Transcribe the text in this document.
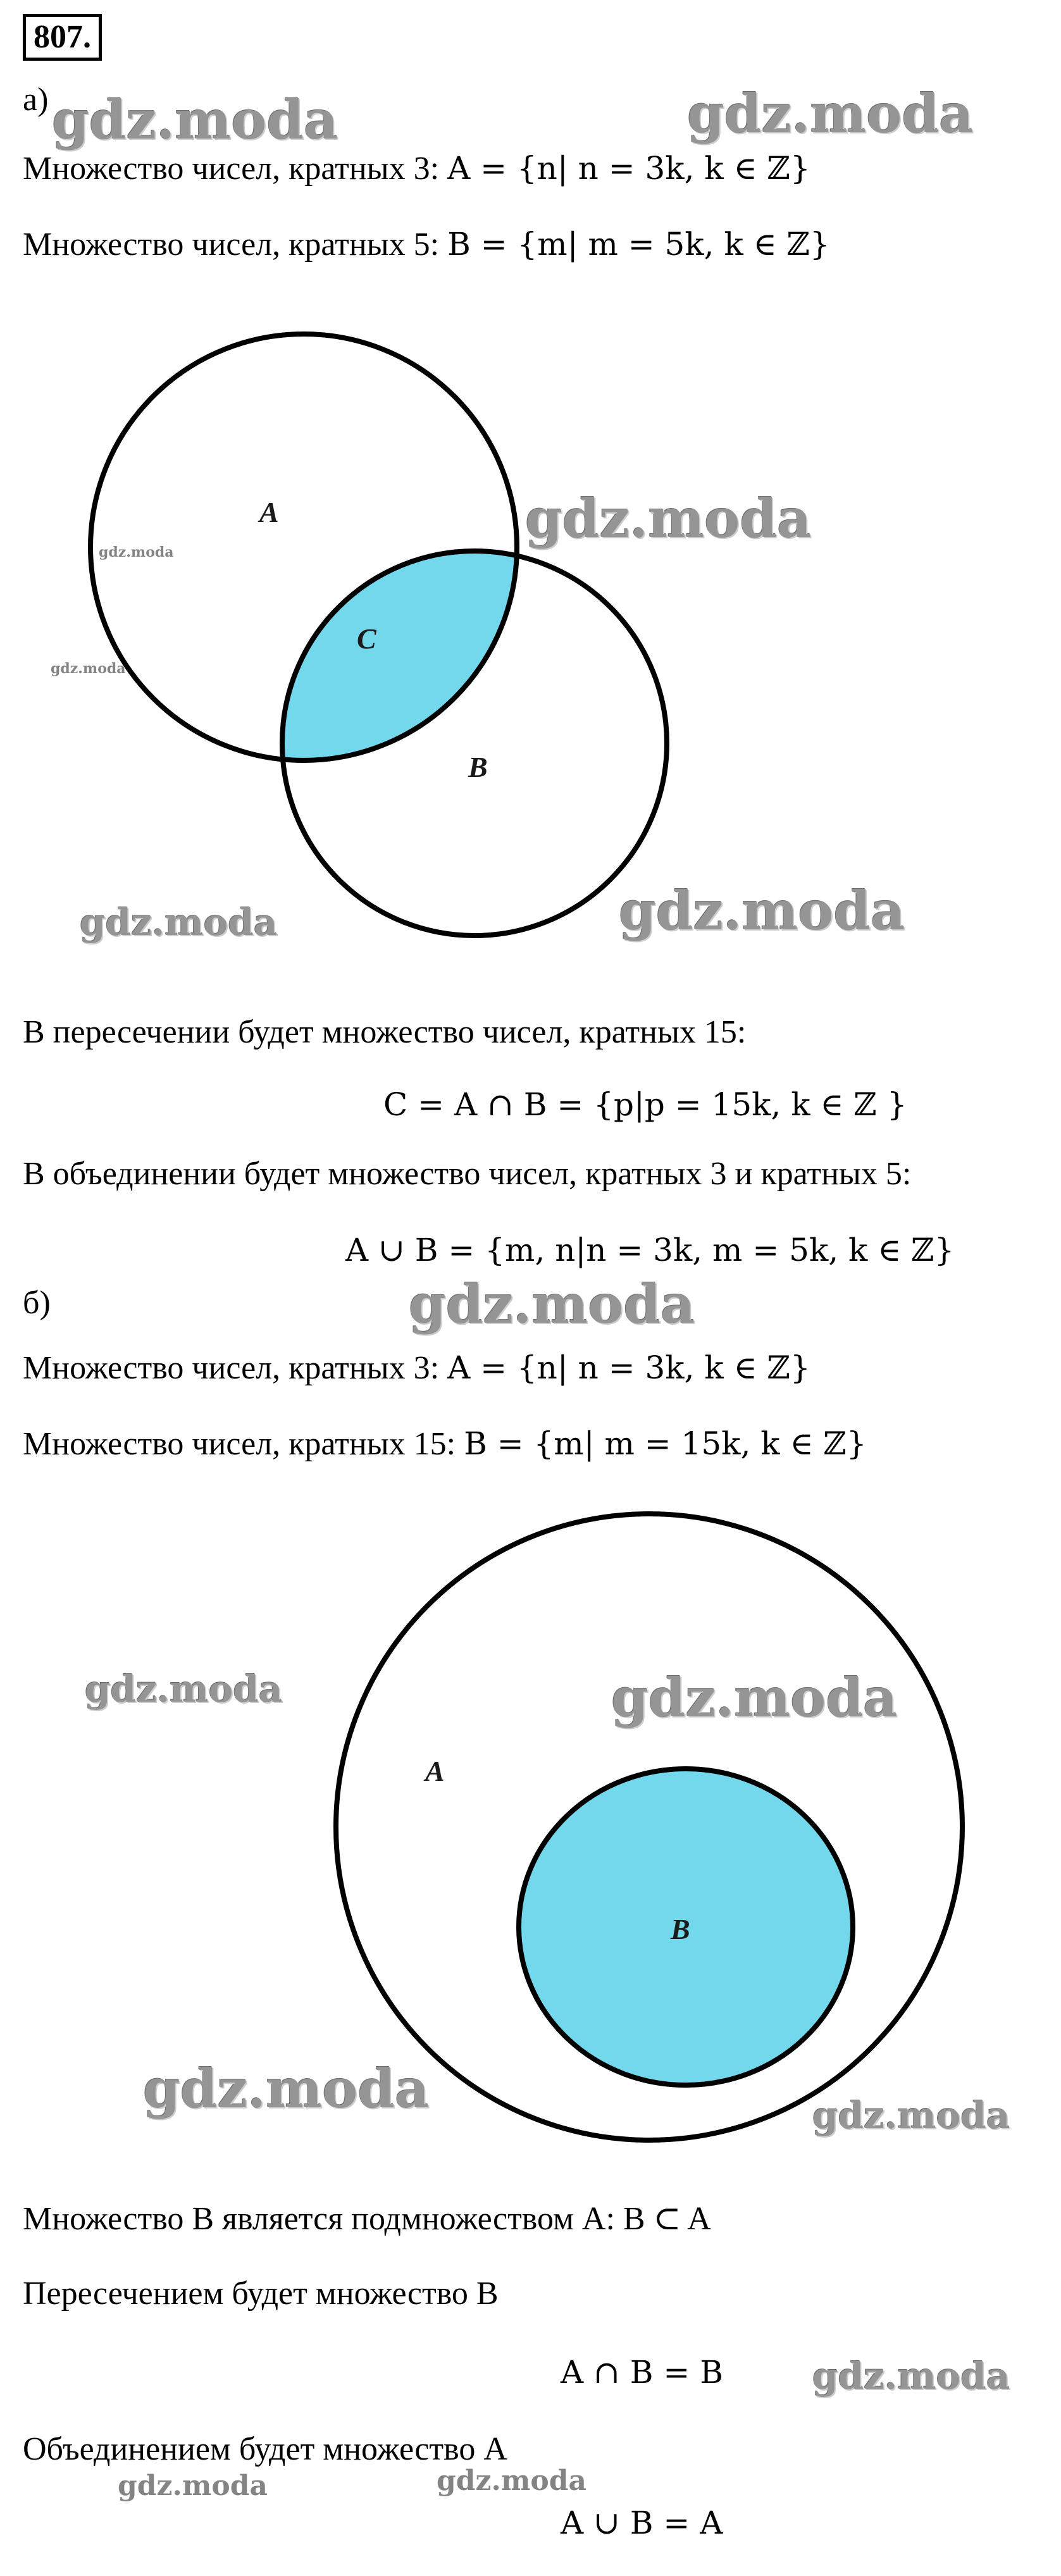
807.
а)
Множество чисел, кратных 3: A = {n| n = 3k, k ∈ ℤ}
Множество чисел, кратных 5: B = {m| m = 5k, k ∈ ℤ}
A
C
B
В пересечении будет множество чисел, кратных 15:
C = A ∩ B = {p|p = 15k, k ∈ ℤ }
В объединении будет множество чисел, кратных 3 и кратных 5:
A ∪ B = {m, n|n = 3k, m = 5k, k ∈ ℤ}
б)
Множество чисел, кратных 3: A = {n| n = 3k, k ∈ ℤ}
Множество чисел, кратных 15: B = {m| m = 15k, k ∈ ℤ}
A
B
Множество B является подмножеством A: B ⊂ A
Пересечением будет множество B
A ∩ B = B
Объединением будет множество A
A ∪ B = A
gdz.moda	gdz.moda
gdz.moda
gdz.moda
gdz.moda
gdz.moda	gdz.moda
gdz.moda
gdz.moda	gdz.moda
gdz.moda	gdz.moda
gdz.moda
gdz.moda	gdz.moda
